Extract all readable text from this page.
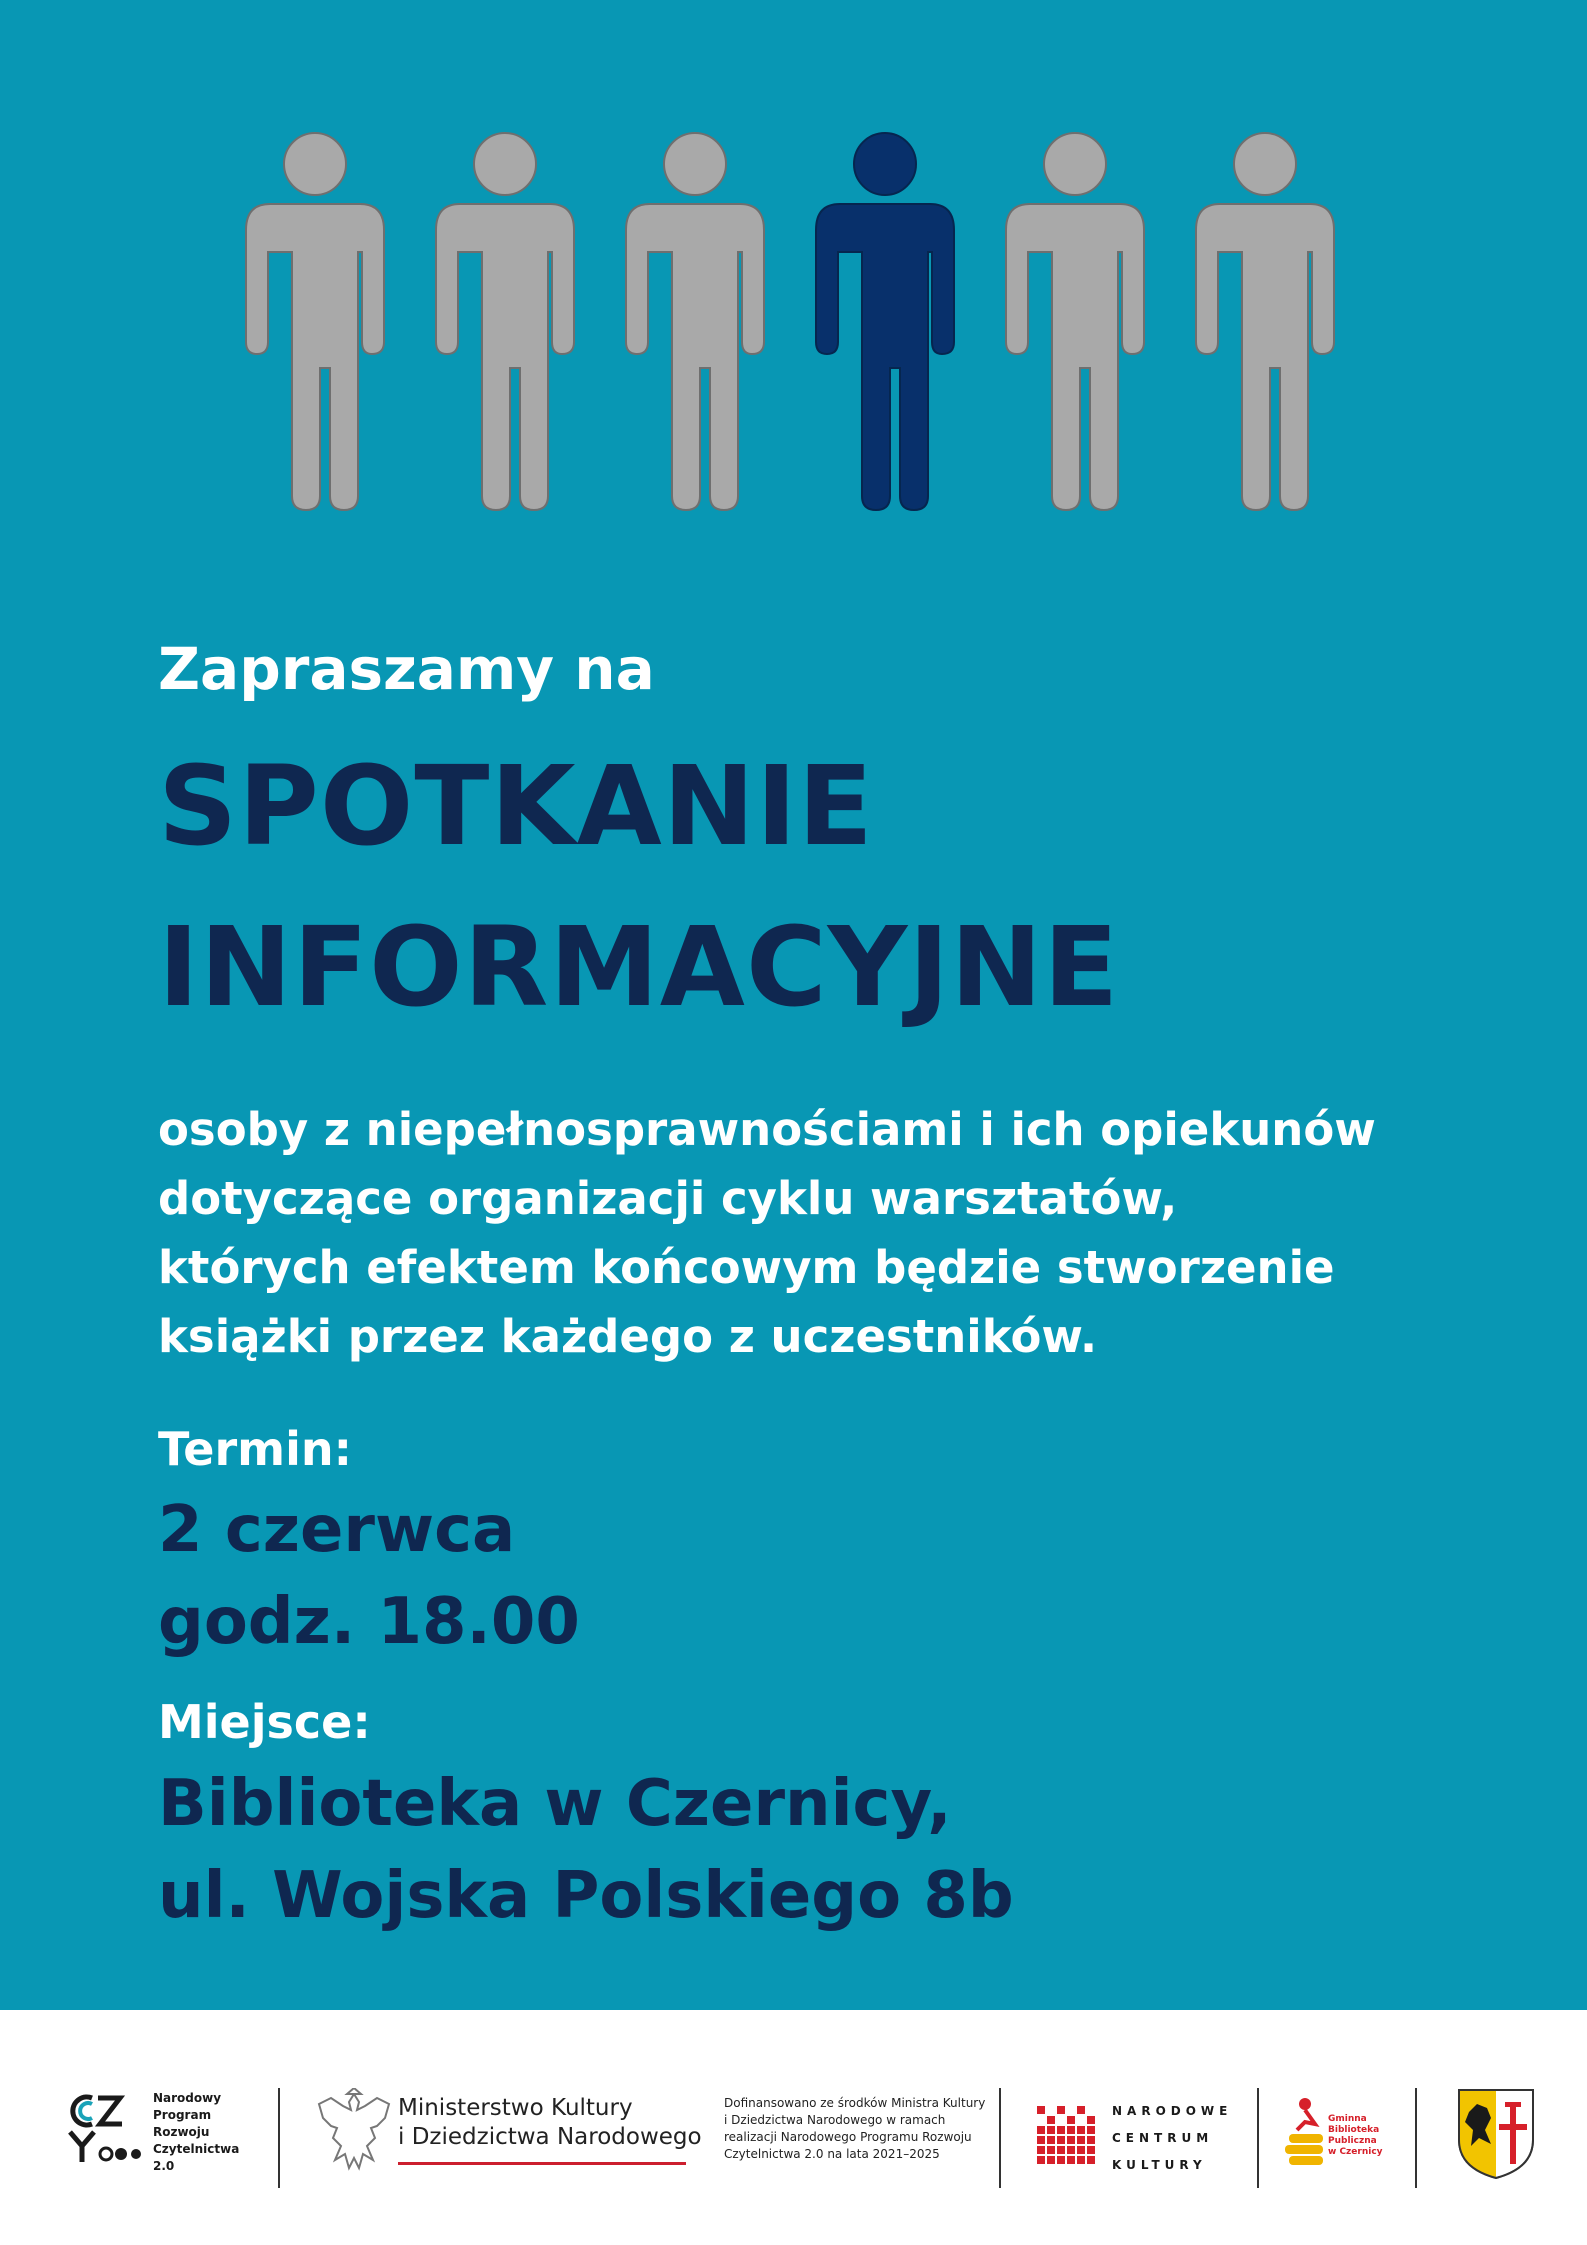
Zapraszamy na
SPOTKANIE
INFORMACYJNE
osoby z niepełnosprawnościami i ich opiekunów
dotyczące organizacji cyklu warsztatów,
których efektem końcowym będzie stworzenie
książki przez każdego z uczestników.
Termin:
2 czerwca
godz. 18.00
Miejsce:
Biblioteka w Czernicy,
ul. Wojska Polskiego 8b
Narodowy
Program
Rozwoju
Czytelnictwa
2.0
Ministerstwo Kultury
i Dziedzictwa Narodowego
Dofinansowano ze środków Ministra Kultury
i Dziedzictwa Narodowego w ramach
realizacji Narodowego Programu Rozwoju
Czytelnictwa 2.0 na lata 2021–2025
NARODOWE
CENTRUM
KULTURY
Gminna
Biblioteka
Publiczna
w Czernicy
